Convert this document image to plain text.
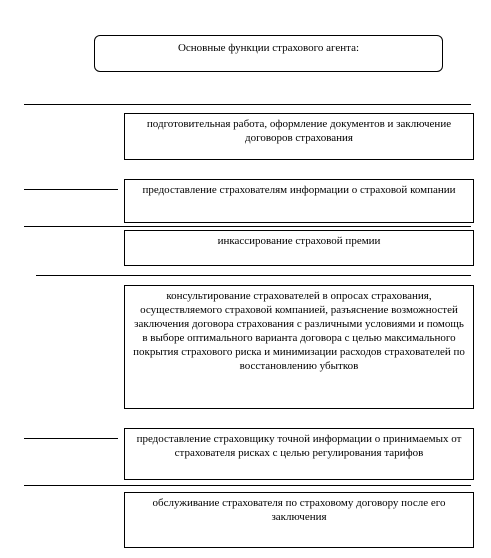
Основные функции страхового агента:
подготовительная работа, оформление документов и заключение договоров страхования
предоставление страхователям информации о страховой компании
инкассирование страховой премии
консультирование страхователей в опросах страхования, осуществляемого страховой компанией, разъяснение возможностей заключения договора страхования с различными условиями и помощь в выборе оптимального варианта договора с целью максимального покрытия страхового риска и минимизации расходов страхователей по восстановлению убытков
предоставление страховщику точной информации о принимаемых от страхователя рисках с целью регулирования тарифов
обслуживание страхователя по страховому договору после его заключения
